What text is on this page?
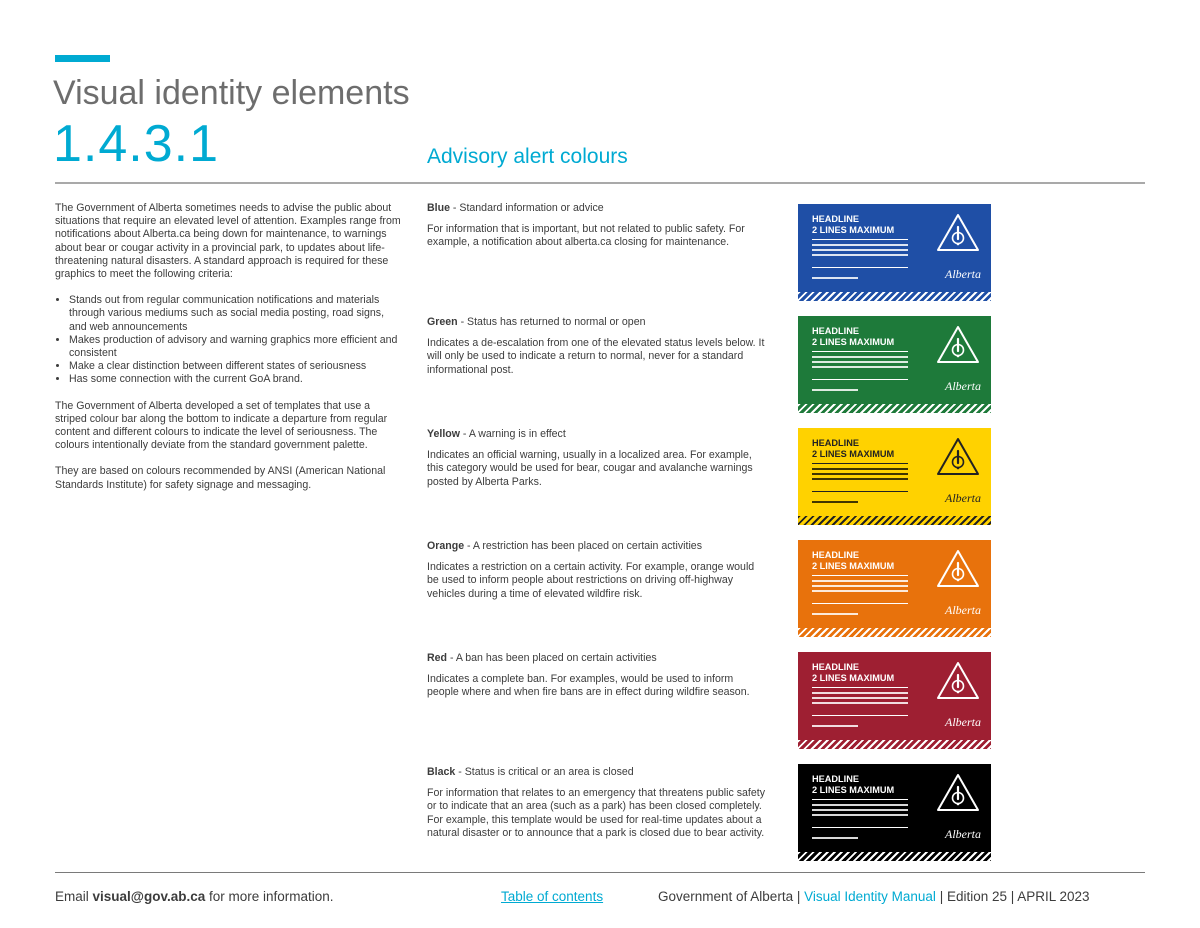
Visual identity elements
1.4.3.1	Advisory alert colours

The Government of Alberta sometimes needs to advise the public about situations that require an elevated level of attention. Examples range from notifications about Alberta.ca being down for maintenance, to warnings about bear or cougar activity in a provincial park, to updates about life-threatening natural disasters. A standard approach is required for these graphics to meet the following criteria:

• Stands out from regular communication notifications and materials through various mediums such as social media posting, road signs, and web announcements
• Makes production of advisory and warning graphics more efficient and consistent
• Make a clear distinction between different states of seriousness
• Has some connection with the current GoA brand.

The Government of Alberta developed a set of templates that use a striped colour bar along the bottom to indicate a departure from regular content and different colours to indicate the level of seriousness. The colours intentionally deviate from the standard government palette.

They are based on colours recommended by ANSI (American National Standards Institute) for safety signage and messaging.

Blue - Standard information or advice

For information that is important, but not related to public safety. For example, a notification about alberta.ca closing for maintenance.

HEADLINE
2 LINES MAXIMUM
Alberta

Green - Status has returned to normal or open

Indicates a de-escalation from one of the elevated status levels below. It will only be used to indicate a return to normal, never for a standard informational post.

HEADLINE
2 LINES MAXIMUM
Alberta

Yellow - A warning is in effect

Indicates an official warning, usually in a localized area. For example, this category would be used for bear, cougar and avalanche warnings posted by Alberta Parks.

HEADLINE
2 LINES MAXIMUM
Alberta

Orange - A restriction has been placed on certain activities

Indicates a restriction on a certain activity. For example, orange would be used to inform people about restrictions on driving off-highway vehicles during a time of elevated wildfire risk.

HEADLINE
2 LINES MAXIMUM
Alberta

Red - A ban has been placed on certain activities

Indicates a complete ban. For examples, would be used to inform people where and when fire bans are in effect during wildfire season.

HEADLINE
2 LINES MAXIMUM
Alberta

Black - Status is critical or an area is closed

For information that relates to an emergency that threatens public safety or to indicate that an area (such as a park) has been closed completely. For example, this template would be used for real-time updates about a natural disaster or to announce that a park is closed due to bear activity.

HEADLINE
2 LINES MAXIMUM
Alberta
Email visual@gov.ab.ca for more information.	Table of contents	Government of Alberta | Visual Identity Manual | Edition 25 | APRIL 2023
